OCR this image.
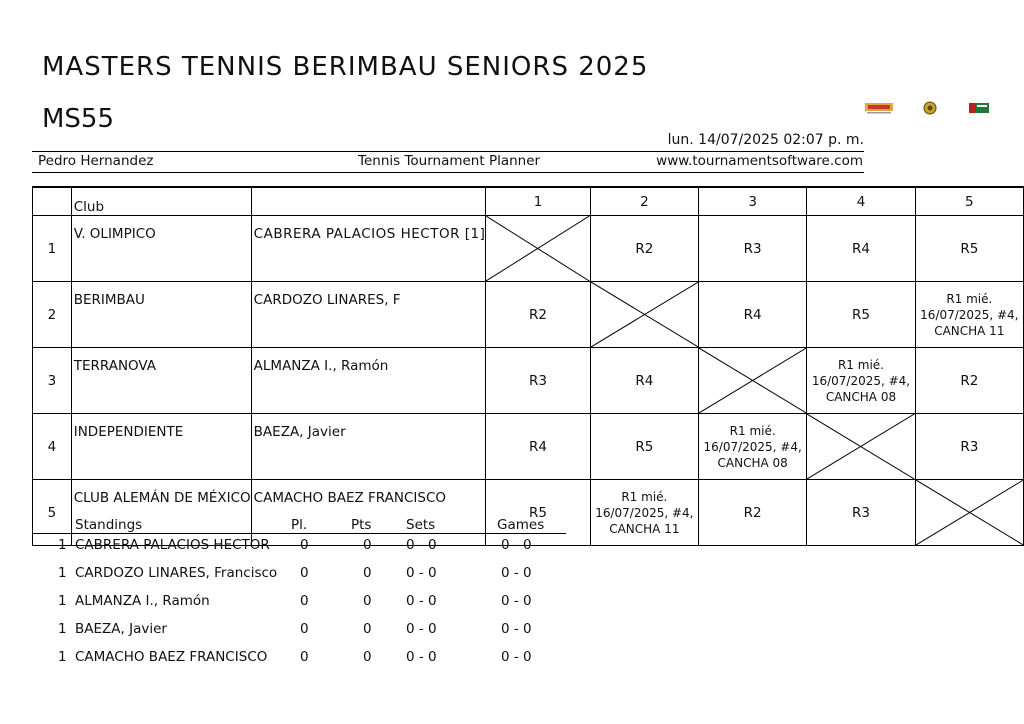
MASTERS TENNIS BERIMBAU SENIORS 2025
MS55
lun. 14/07/2025 02:07 p. m.
Pedro Hernandez	Tennis Tournament Planner	www.tournamentsoftware.com
	Club		1	2	3	4	5
1	V. OLIMPICO	CABRERA PALACIOS HECTOR [1]		R2	R3	R4	R5
2	BERIMBAU	CARDOZO LINARES, F	R2		R4	R5	R1 mié. 16/07/2025, #4, CANCHA 11
3	TERRANOVA	ALMANZA I., Ramón	R3	R4		R1 mié. 16/07/2025, #4, CANCHA 08	R2
4	INDEPENDIENTE	BAEZA, Javier	R4	R5	R1 mié. 16/07/2025, #4, CANCHA 08		R3
5	CLUB ALEMÁN DE MÉXICO	CAMACHO BAEZ FRANCISCO	R5	R1 mié. 16/07/2025, #4, CANCHA 11	R2	R3	
Standings	Pl.	Pts	Sets	Games
1 CABRERA PALACIOS HECTOR 0	0	0 - 0	0 - 0
1 CARDOZO LINARES, Francisco 0	0	0 - 0	0 - 0
1 ALMANZA I., Ramón	0	0	0 - 0	0 - 0
1 BAEZA, Javier	0	0	0 - 0	0 - 0
1 CAMACHO BAEZ FRANCISCO 0	0	0 - 0	0 - 0
